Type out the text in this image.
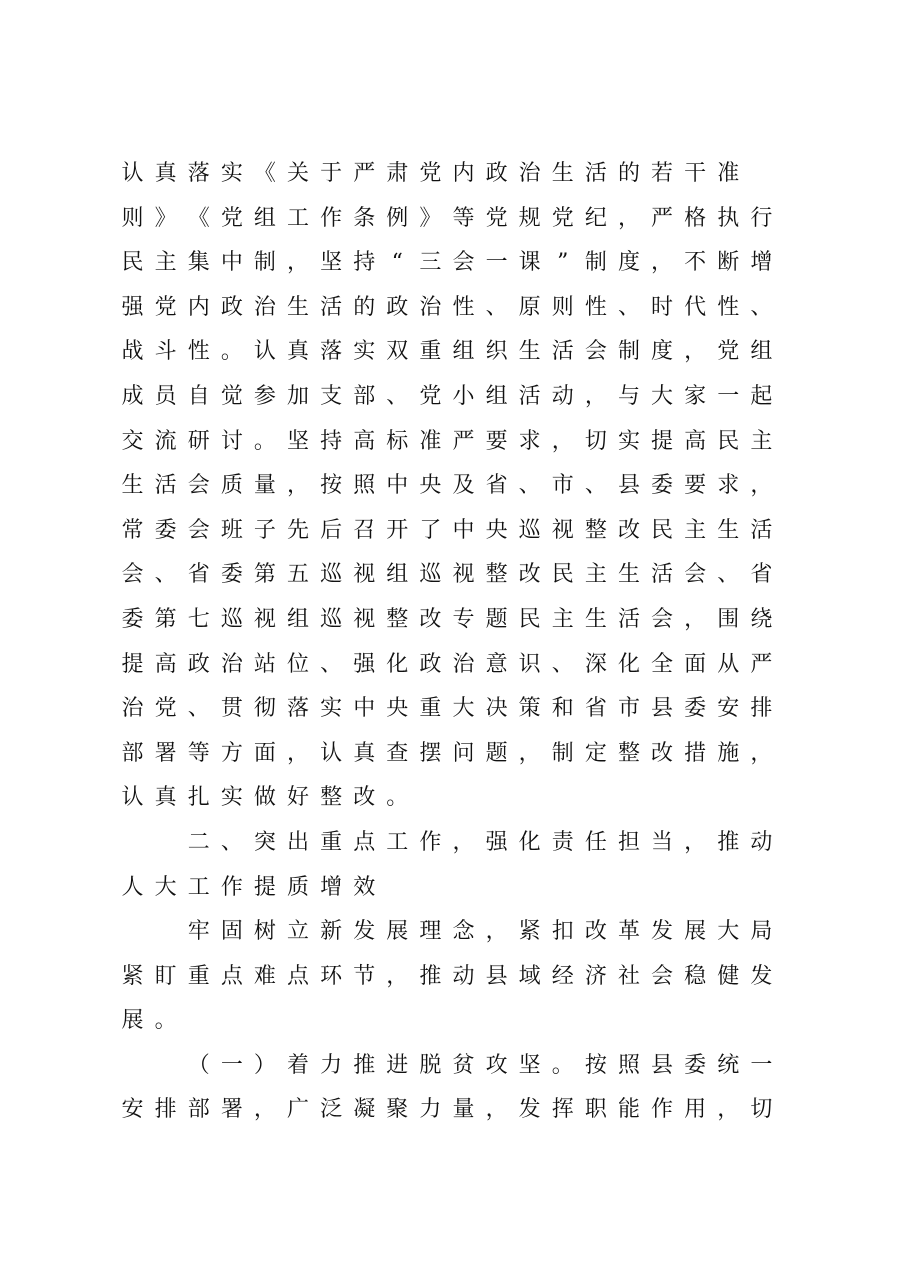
认 真 落 实 《 关 于 严 肃 党 内 政 治 生 活 的 若 干 准
则 》 《 党 组 工 作 条 例 》 等 党 规 党 纪 ， 严 格 执 行
民 主 集 中 制 ， 坚 持 “ 三 会 一 课 ” 制 度 ， 不 断 增
强 党 内 政 治 生 活 的 政 治 性 、 原 则 性 、 时 代 性 、
战 斗 性 。 认 真 落 实 双 重 组 织 生 活 会 制 度 ， 党 组
成 员 自 觉 参 加 支 部 、 党 小 组 活 动 ， 与 大 家 一 起
交 流 研 讨 。 坚 持 高 标 准 严 要 求 ， 切 实 提 高 民 主
生 活 会 质 量 ， 按 照 中 央 及 省 、 市 、 县 委 要 求 ，
常 委 会 班 子 先 后 召 开 了 中 央 巡 视 整 改 民 主 生 活
会 、 省 委 第 五 巡 视 组 巡 视 整 改 民 主 生 活 会 、 省
委 第 七 巡 视 组 巡 视 整 改 专 题 民 主 生 活 会 ， 围 绕
提 高 政 治 站 位 、 强 化 政 治 意 识 、 深 化 全 面 从 严
治 党 、 贯 彻 落 实 中 央 重 大 决 策 和 省 市 县 委 安 排
部 署 等 方 面 ， 认 真 查 摆 问 题 ， 制 定 整 改 措 施 ，
认 真 扎 实 做 好 整 改 。
二 、 突 出 重 点 工 作 ， 强 化 责 任 担 当 ， 推 动
人 大 工 作 提 质 增 效
牢 固 树 立 新 发 展 理 念 ， 紧 扣 改 革 发 展 大 局
紧 盯 重 点 难 点 环 节 ， 推 动 县 域 经 济 社 会 稳 健 发
展 。
（ 一 ） 着 力 推 进 脱 贫 攻 坚 。 按 照 县 委 统 一
安 排 部 署 ， 广 泛 凝 聚 力 量 ， 发 挥 职 能 作 用 ， 切
